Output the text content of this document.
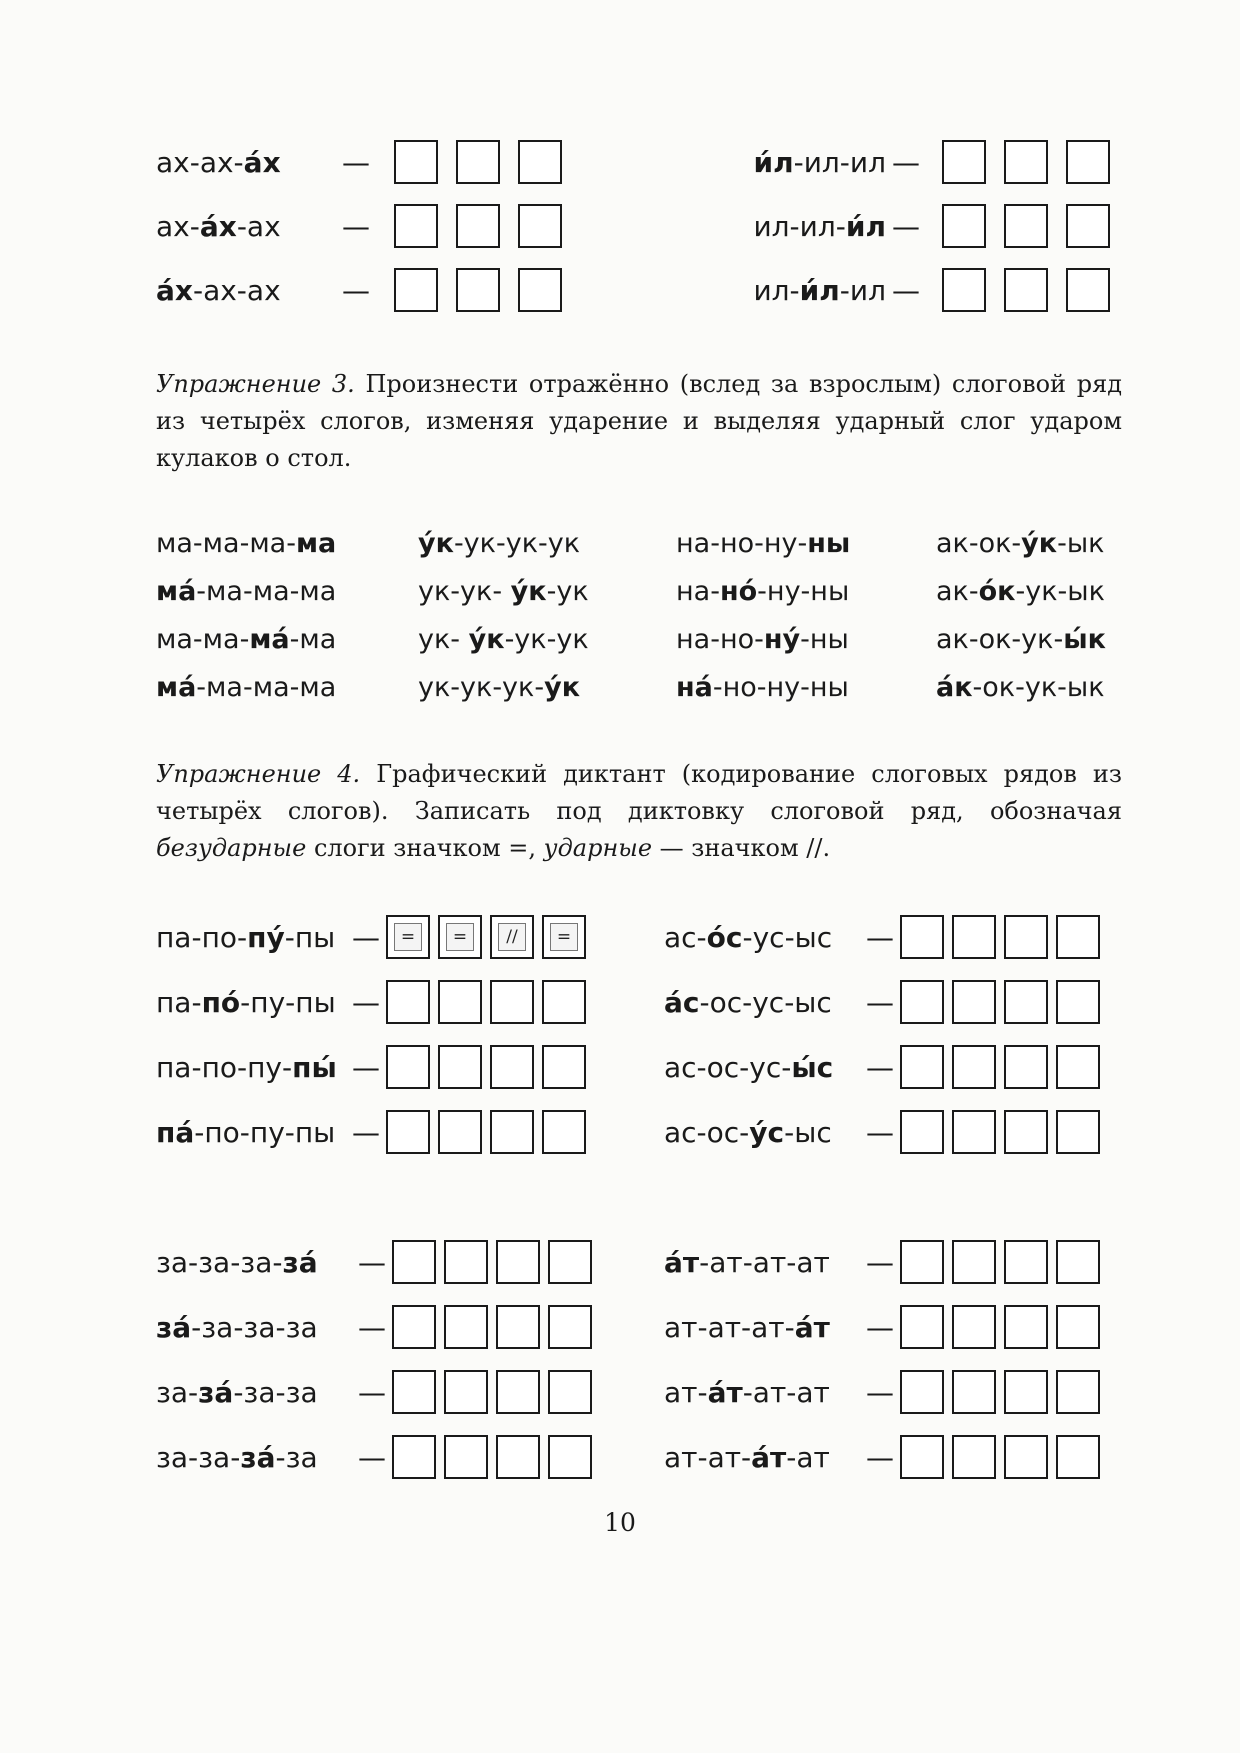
ах-ах-а́х	—
ах-а́х-ах	—
а́х-ах-ах	—
и́л-ил-ил —
ил-ил-и́л —
ил-и́л-ил —
Упражнение 3. Произнести отражённо (вслед за взрослым) слоговой ряд из четырёх слогов, изменяя ударение и выделяя ударный слог ударом кулаков о стол.
ма-ма-ма-ма	у́к-ук-ук-ук	на-но-ну-ны	ак-ок-у́к-ык
ма́-ма-ма-ма	ук-ук- у́к-ук	на-но́-ну-ны	ак-о́к-ук-ык
ма-ма-ма́-ма	ук- у́к-ук-ук	на-но-ну́-ны	ак-ок-ук-ы́к
ма́-ма-ма-ма	ук-ук-ук-у́к	на́-но-ну-ны	а́к-ок-ук-ык
Упражнение 4. Графический диктант (кодирование слоговых рядов из четырёх слогов). Записать под диктовку слоговой ряд, обозначая безударные слоги значком =, ударные — значком //.
па-по-пу́-пы —	=	=	//	=
па-по́-пу-пы —
па-по-пу-пы́ —
па́-по-пу-пы —
ас-о́с-ус-ыс	—
а́с-ос-ус-ыс	—
ас-ос-ус-ы́с	—
ас-ос-у́с-ыс	—
за-за-за-за́	—
за́-за-за-за	—
за-за́-за-за	—
за-за-за́-за	—
а́т-ат-ат-ат	—
ат-ат-ат-а́т	—
ат-а́т-ат-ат	—
ат-ат-а́т-ат	—
10
